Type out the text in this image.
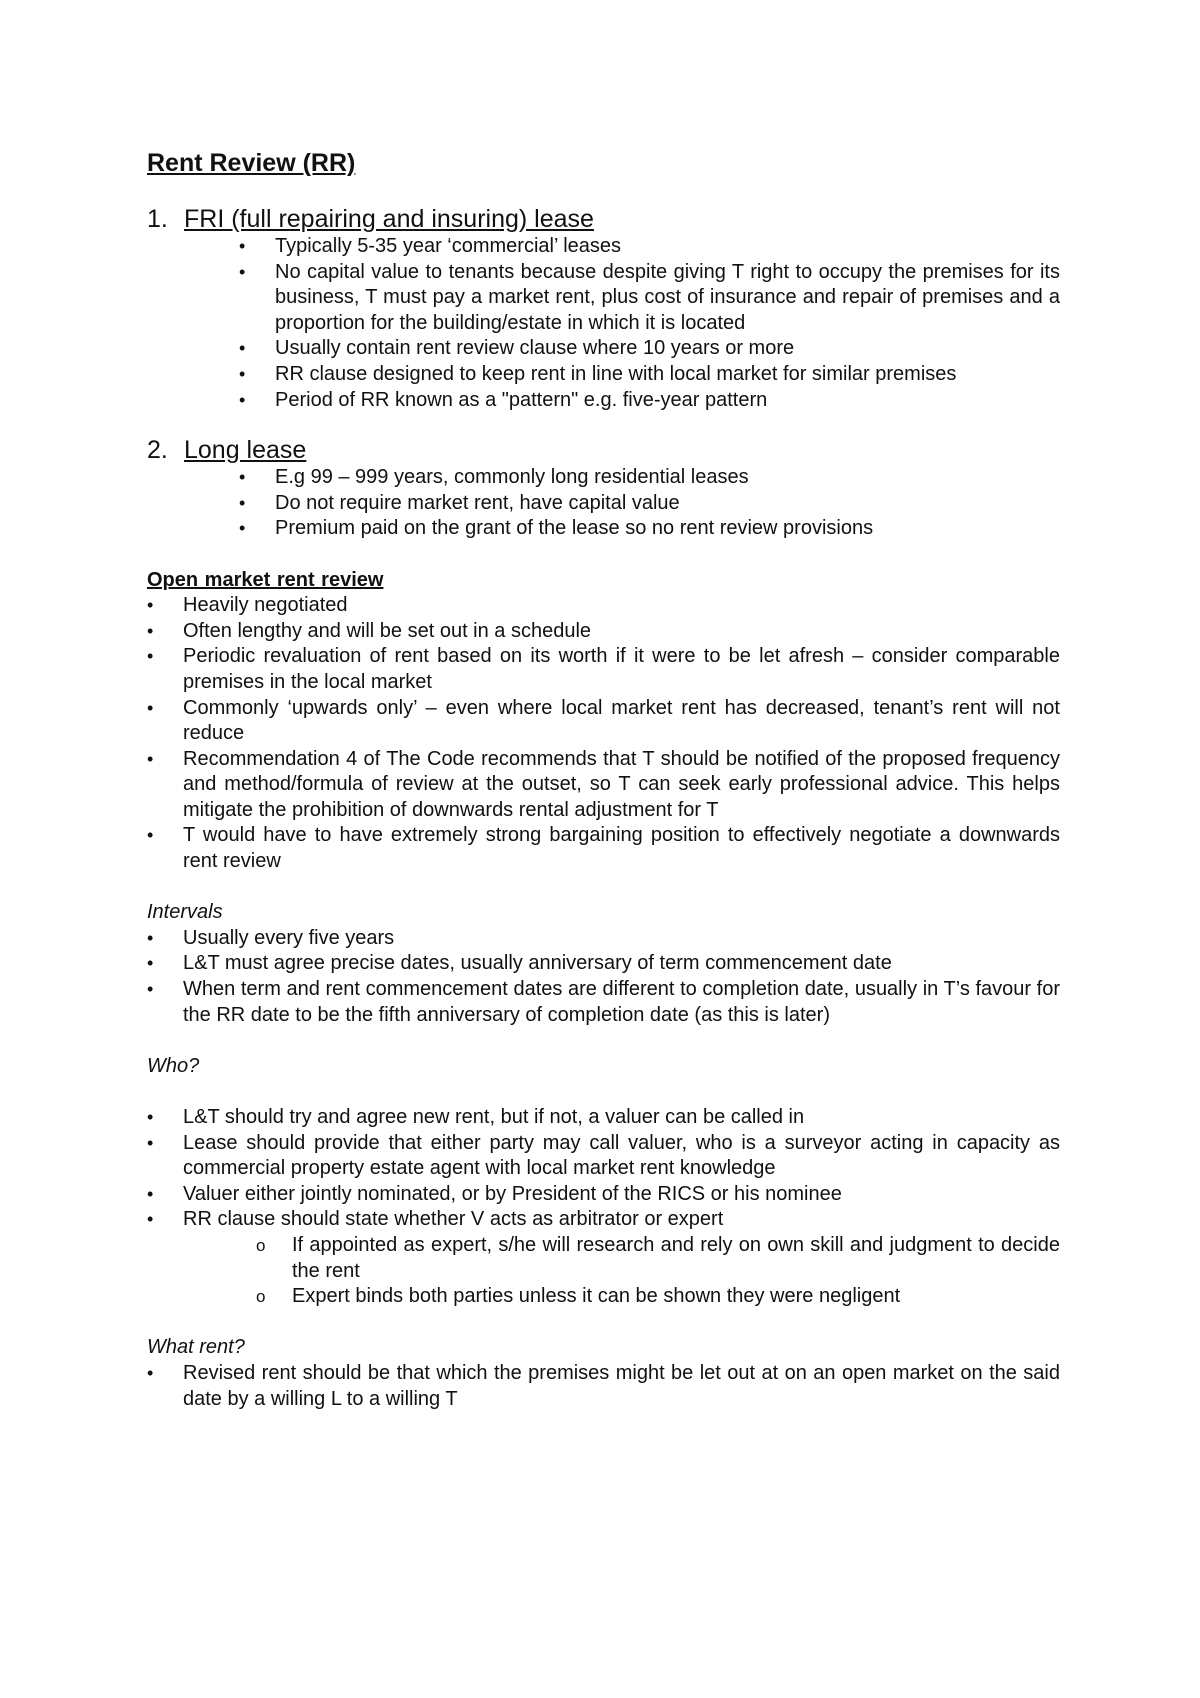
Rent Review (RR)
1. FRI (full repairing and insuring) lease
•	Typically 5-35 year ‘commercial’ leases
•	No capital value to tenants because despite giving T right to occupy the premises for its business, T must pay a market rent, plus cost of insurance and repair of premises and a proportion for the building/estate in which it is located
•	Usually contain rent review clause where 10 years or more
•	RR clause designed to keep rent in line with local market for similar premises
•	Period of RR known as a "pattern" e.g. five-year pattern
2. Long lease
•	E.g 99 – 999 years, commonly long residential leases
•	Do not require market rent, have capital value
•	Premium paid on the grant of the lease so no rent review provisions
Open market rent review
•	Heavily negotiated
•	Often lengthy and will be set out in a schedule
•	Periodic revaluation of rent based on its worth if it were to be let afresh – consider comparable premises in the local market
•	Commonly ‘upwards only’ – even where local market rent has decreased, tenant’s rent will not reduce
•	Recommendation 4 of The Code recommends that T should be notified of the proposed frequency and method/formula of review at the outset, so T can seek early professional advice. This helps mitigate the prohibition of downwards rental adjustment for T
•	T would have to have extremely strong bargaining position to effectively negotiate a downwards rent review
Intervals
•	Usually every five years
•	L&T must agree precise dates, usually anniversary of term commencement date
•	When term and rent commencement dates are different to completion date, usually in T’s favour for the RR date to be the fifth anniversary of completion date (as this is later)
Who?
•	L&T should try and agree new rent, but if not, a valuer can be called in
•	Lease should provide that either party may call valuer, who is a surveyor acting in capacity as commercial property estate agent with local market rent knowledge
•	Valuer either jointly nominated, or by President of the RICS or his nominee
•	RR clause should state whether V acts as arbitrator or expert
o	If appointed as expert, s/he will research and rely on own skill and judgment to decide the rent
o	Expert binds both parties unless it can be shown they were negligent
What rent?
•	Revised rent should be that which the premises might be let out at on an open market on the said date by a willing L to a willing T
